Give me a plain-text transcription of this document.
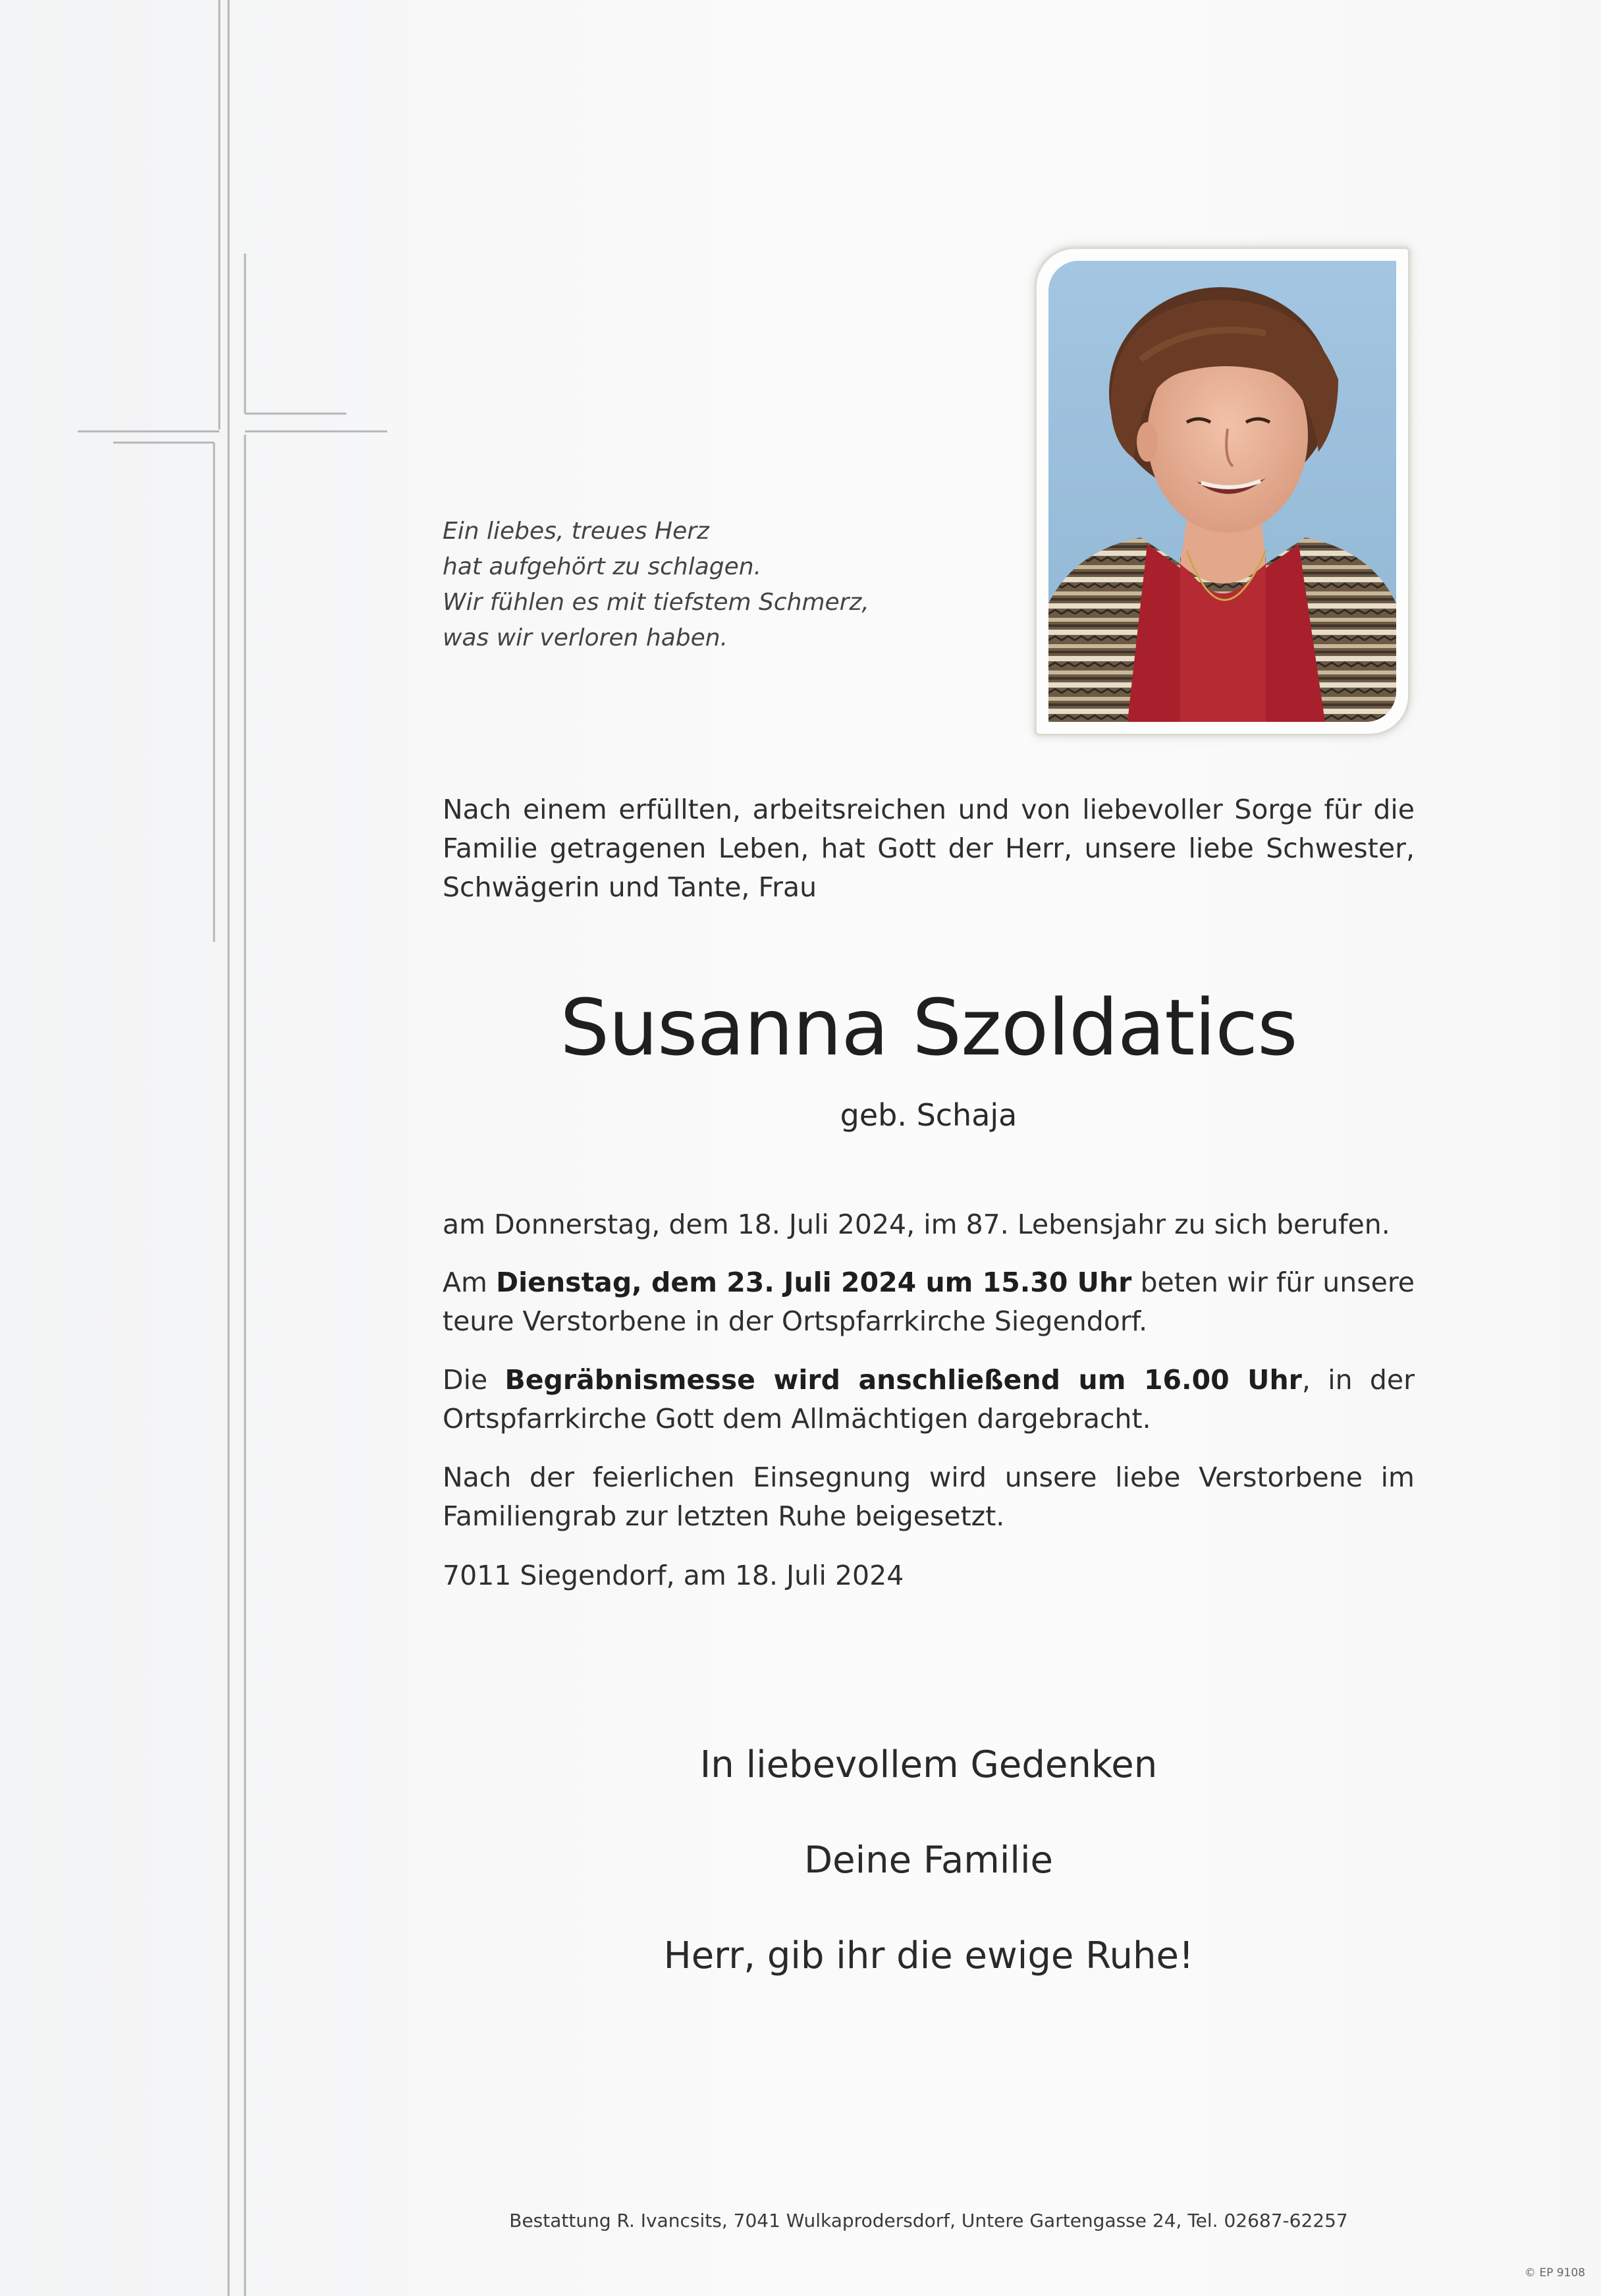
Ein liebes, treues Herz
hat aufgehört zu schlagen.
Wir fühlen es mit tiefstem Schmerz,
was wir verloren haben.

Nach einem erfüllten, arbeitsreichen und von liebevoller Sorge für die Familie getragenen Leben, hat Gott der Herr, unsere liebe Schwester, Schwägerin und Tante, Frau

Susanna Szoldatics

geb. Schaja

am Donnerstag, dem 18. Juli 2024, im 87. Lebensjahr zu sich berufen.

Am Dienstag, dem 23. Juli 2024 um 15.30 Uhr beten wir für unsere teure Verstorbene in der Ortspfarrkirche Siegendorf.

Die Begräbnismesse wird anschließend um 16.00 Uhr, in der Ortspfarrkirche Gott dem Allmächtigen dargebracht.

Nach der feierlichen Einsegnung wird unsere liebe Verstorbene im Familiengrab zur letzten Ruhe beigesetzt.

7011 Siegendorf, am 18. Juli 2024

In liebevollem Gedenken

Deine Familie

Herr, gib ihr die ewige Ruhe!

Bestattung R. Ivancsits, 7041 Wulkaprodersdorf, Untere Gartengasse 24, Tel. 02687-62257

© EP 9108
